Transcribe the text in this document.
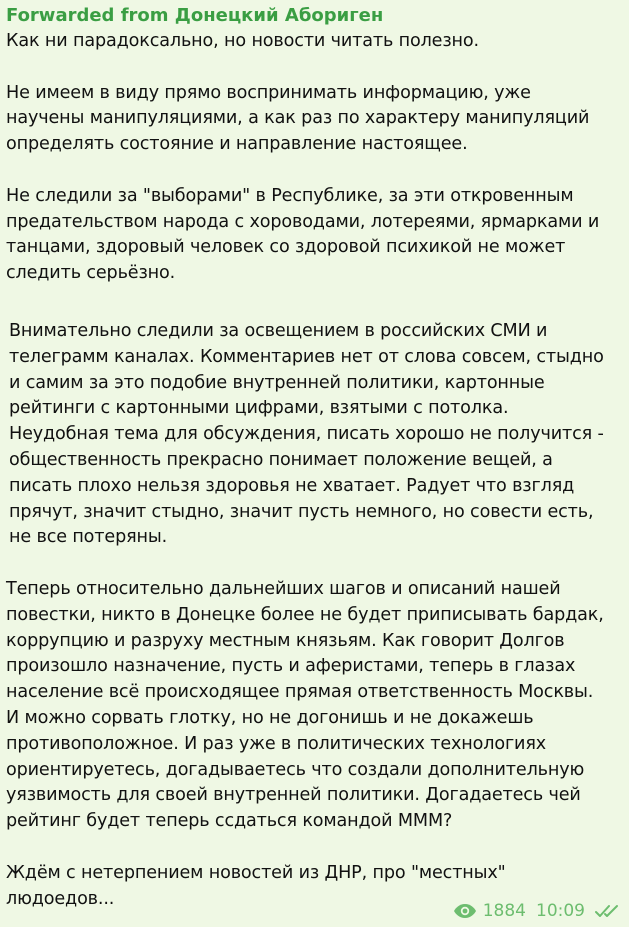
Forwarded from Донецкий Абориген

Как ни парадоксально, но новости читать полезно.

Не имеем в виду прямо воспринимать информацию, уже
научены манипуляциями, а как раз по характеру манипуляций
определять состояние и направление настоящее.

Не следили за "выборами" в Республике, за эти откровенным
предательством народа с хороводами, лотереями, ярмарками и
танцами, здоровый человек со здоровой психикой не может
следить серьёзно.

Внимательно следили за освещением в российских СМИ и
телеграмм каналах. Комментариев нет от слова совсем, стыдно
и самим за это подобие внутренней политики, картонные
рейтинги с картонными цифрами, взятыми с потолка.
Неудобная тема для обсуждения, писать хорошо не получится -
общественность прекрасно понимает положение вещей, а
писать плохо нельзя здоровья не хватает. Радует что взгляд
прячут, значит стыдно, значит пусть немного, но совести есть,
не все потеряны.

Теперь относительно дальнейших шагов и описаний нашей
повестки, никто в Донецке более не будет приписывать бардак,
коррупцию и разруху местным князьям. Как говорит Долгов
произошло назначение, пусть и аферистами, теперь в глазах
население всё происходящее прямая ответственность Москвы.
И можно сорвать глотку, но не догонишь и не докажешь
противоположное. И раз уже в политических технологиях
ориентируетесь, догадываетесь что создали дополнительную
уязвимость для своей внутренней политики. Догадаетесь чей
рейтинг будет теперь ссдаться командой МММ?

Ждём с нетерпением новостей из ДНР, про "местных"
людоедов...

1884 10:09
